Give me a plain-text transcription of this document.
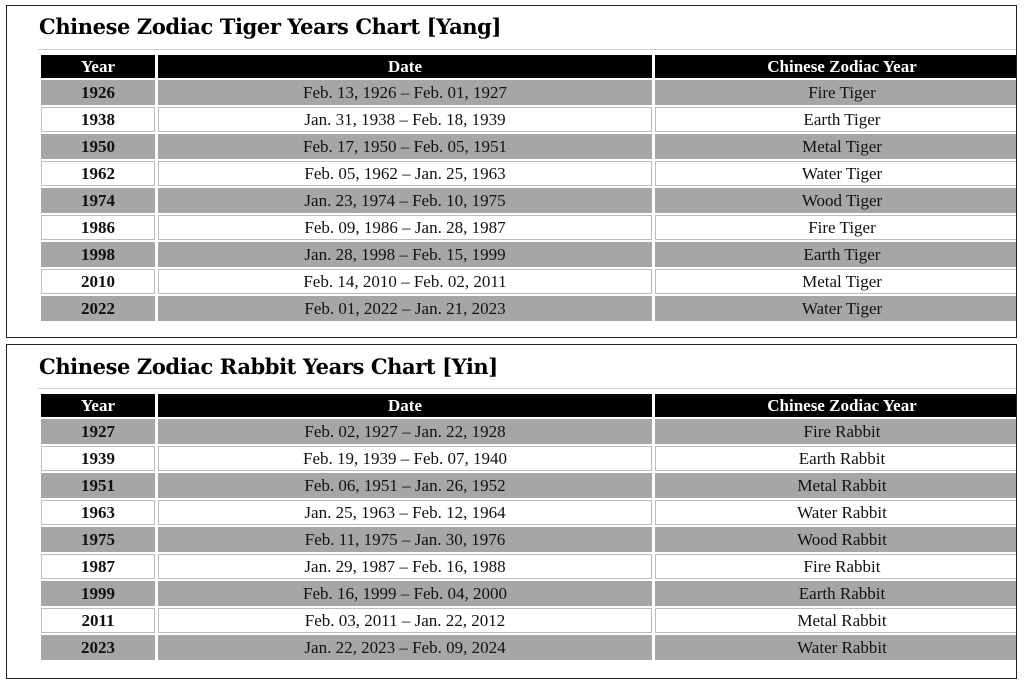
Chinese Zodiac Tiger Years Chart [Yang]
Year	Date	Chinese Zodiac Year
1926	Feb. 13, 1926 – Feb. 01, 1927	Fire Tiger
1938	Jan. 31, 1938 – Feb. 18, 1939	Earth Tiger
1950	Feb. 17, 1950 – Feb. 05, 1951	Metal Tiger
1962	Feb. 05, 1962 – Jan. 25, 1963	Water Tiger
1974	Jan. 23, 1974 – Feb. 10, 1975	Wood Tiger
1986	Feb. 09, 1986 – Jan. 28, 1987	Fire Tiger
1998	Jan. 28, 1998 – Feb. 15, 1999	Earth Tiger
2010	Feb. 14, 2010 – Feb. 02, 2011	Metal Tiger
2022	Feb. 01, 2022 – Jan. 21, 2023	Water Tiger
Chinese Zodiac Rabbit Years Chart [Yin]
Year	Date	Chinese Zodiac Year
1927	Feb. 02, 1927 – Jan. 22, 1928	Fire Rabbit
1939	Feb. 19, 1939 – Feb. 07, 1940	Earth Rabbit
1951	Feb. 06, 1951 – Jan. 26, 1952	Metal Rabbit
1963	Jan. 25, 1963 – Feb. 12, 1964	Water Rabbit
1975	Feb. 11, 1975 – Jan. 30, 1976	Wood Rabbit
1987	Jan. 29, 1987 – Feb. 16, 1988	Fire Rabbit
1999	Feb. 16, 1999 – Feb. 04, 2000	Earth Rabbit
2011	Feb. 03, 2011 – Jan. 22, 2012	Metal Rabbit
2023	Jan. 22, 2023 – Feb. 09, 2024	Water Rabbit
